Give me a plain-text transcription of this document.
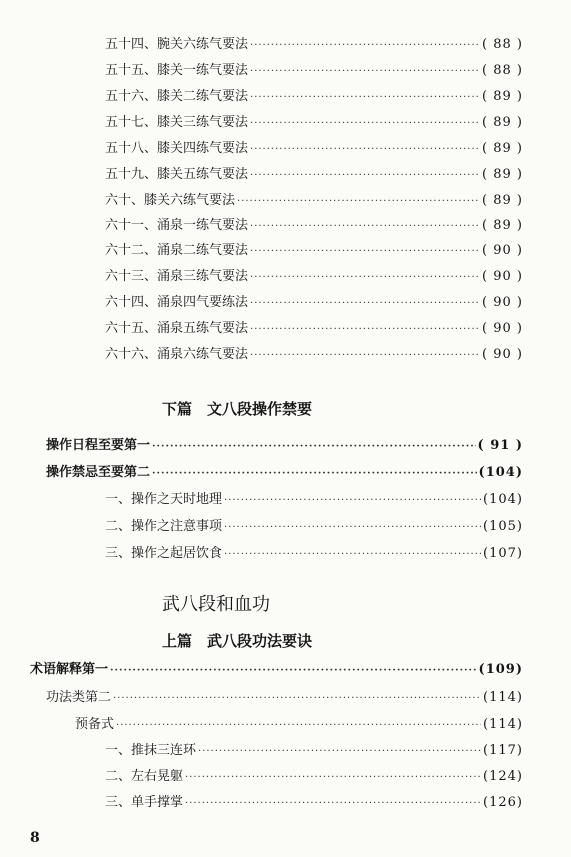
五十四、腕关六练气要法 ·····	( 88 )
五十五、膝关一练气要法 ·····	( 88 )
五十六、膝关二练气要法 ·····	( 89 )
五十七、膝关三练气要法 ·····	( 89 )
五十八、膝关四练气要法 ·····	( 89 )
五十九、膝关五练气要法 ·····	( 89 )
六十、膝关六练气要法 ·····	( 89 )
六十一、涌泉一练气要法 ·····	( 89 )
六十二、涌泉二练气要法 ·····	( 90 )
六十三、涌泉三练气要法 ·····	( 90 )
六十四、涌泉四气要练法 ·····	( 90 )
六十五、涌泉五练气要法 ·····	( 90 )
六十六、涌泉六练气要法 ·····	( 90 )
下篇　文八段操作禁要
操作日程至要第一 ·····	( 91 )
操作禁忌至要第二 ·····	(104)
一、操作之天时地理 ·····	(104)
二、操作之注意事项 ·····	(105)
三、操作之起居饮食 ·····	(107)
武八段和血功
上篇　武八段功法要诀
术语解释第一 ·····	(109)
功法类第二 ·····	(114)
预备式 ·····	(114)
一、推抹三连环 ·····	(117)
二、左右晃躯 ·····	(124)
三、单手撑掌 ·····	(126)
8
